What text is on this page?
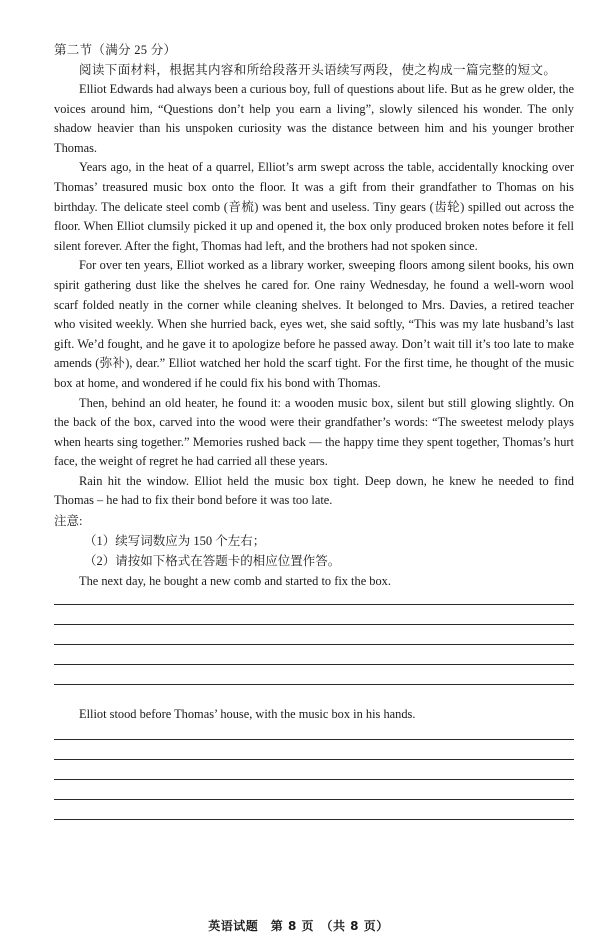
第二节（满分 25 分）
阅读下面材料，根据其内容和所给段落开头语续写两段，使之构成一篇完整的短文。

Elliot Edwards had always been a curious boy, full of questions about life. But as he grew older, the voices around him, “Questions don’t help you earn a living”, slowly silenced his wonder. The only shadow heavier than his unspoken curiosity was the distance between him and his younger brother Thomas.

Years ago, in the heat of a quarrel, Elliot’s arm swept across the table, accidentally knocking over Thomas’ treasured music box onto the floor. It was a gift from their grandfather to Thomas on his birthday. The delicate steel comb (音梳) was bent and useless. Tiny gears (齿轮) spilled out across the floor. When Elliot clumsily picked it up and opened it, the box only produced broken notes before it fell silent forever. After the fight, Thomas had left, and the brothers had not spoken since.

For over ten years, Elliot worked as a library worker, sweeping floors among silent books, his own spirit gathering dust like the shelves he cared for. One rainy Wednesday, he found a well-worn wool scarf folded neatly in the corner while cleaning shelves. It belonged to Mrs. Davies, a retired teacher who visited weekly. When she hurried back, eyes wet, she said softly, “This was my late husband’s last gift. We’d fought, and he gave it to apologize before he passed away. Don’t wait till it’s too late to make amends (弥补), dear.” Elliot watched her hold the scarf tight. For the first time, he thought of the music box at home, and wondered if he could fix his bond with Thomas.

Then, behind an old heater, he found it: a wooden music box, silent but still glowing slightly. On the back of the box, carved into the wood were their grandfather’s words: “The sweetest melody plays when hearts sing together.” Memories rushed back — the happy time they spent together, Thomas’s hurt face, the weight of regret he had carried all these years.

Rain hit the window. Elliot held the music box tight. Deep down, he knew he needed to find Thomas – he had to fix their bond before it was too late.

注意:
（1）续写词数应为 150 个左右；
（2）请按如下格式在答题卡的相应位置作答。
The next day, he bought a new comb and started to fix the box.
Elliot stood before Thomas’ house, with the music box in his hands.
英语试题　第 8 页　（共 8 页）
